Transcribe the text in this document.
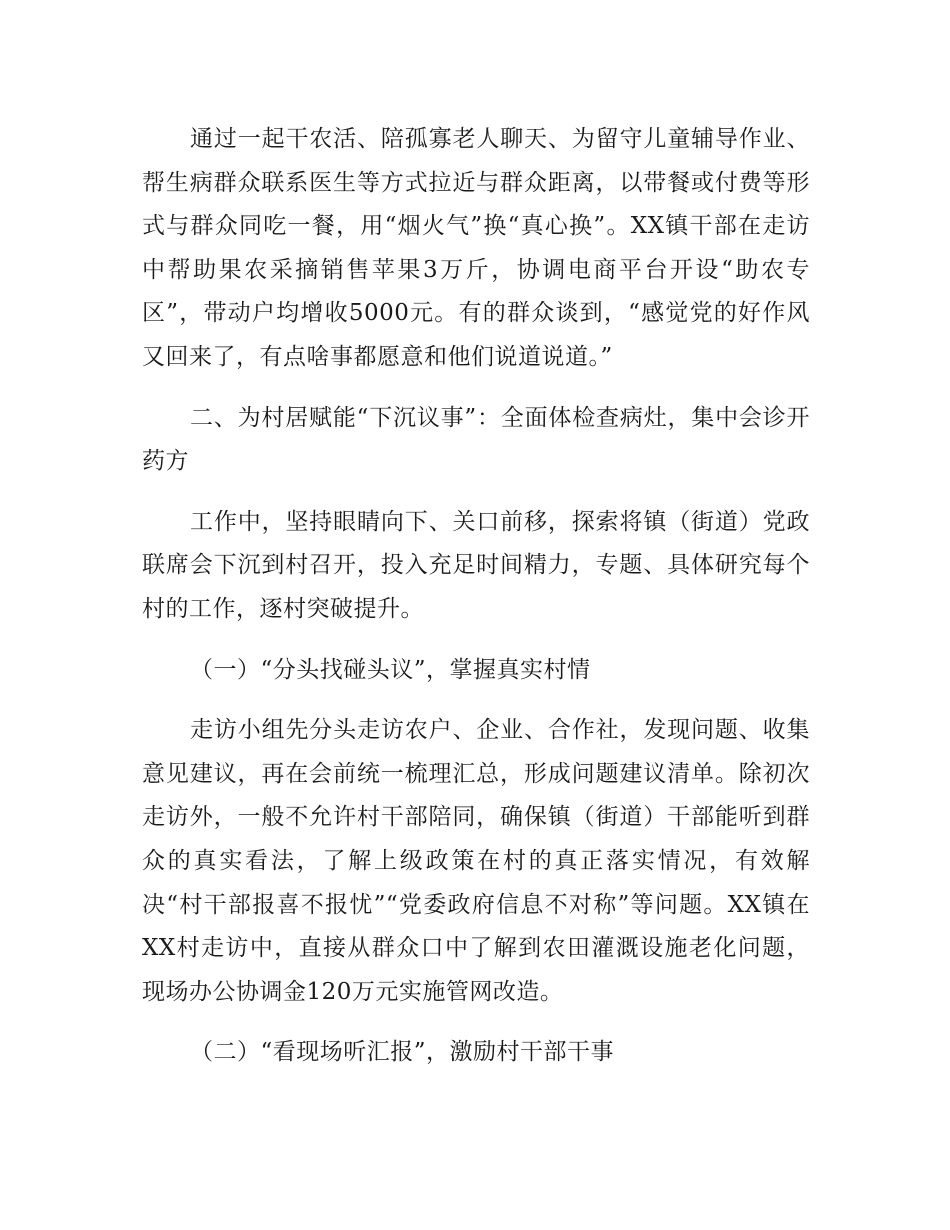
通过一起干农活、陪孤寡老人聊天、为留守儿童辅导作业、帮生病群众联系医生等方式拉近与群众距离，以带餐或付费等形式与群众同吃一餐，用“烟火气”换“真心换”。XX镇干部在走访中帮助果农采摘销售苹果3万斤，协调电商平台开设“助农专区”，带动户均增收5000元。有的群众谈到，“感觉党的好作风又回来了，有点啥事都愿意和他们说道说道。”

二、为村居赋能“下沉议事”：全面体检查病灶，集中会诊开药方

工作中，坚持眼睛向下、关口前移，探索将镇（街道）党政联席会下沉到村召开，投入充足时间精力，专题、具体研究每个村的工作，逐村突破提升。

（一）“分头找碰头议”，掌握真实村情

走访小组先分头走访农户、企业、合作社，发现问题、收集意见建议，再在会前统一梳理汇总，形成问题建议清单。除初次走访外，一般不允许村干部陪同，确保镇（街道）干部能听到群众的真实看法，了解上级政策在村的真正落实情况，有效解决“村干部报喜不报忧”“党委政府信息不对称”等问题。XX镇在XX村走访中，直接从群众口中了解到农田灌溉设施老化问题，现场办公协调金120万元实施管网改造。

（二）“看现场听汇报”，激励村干部干事
